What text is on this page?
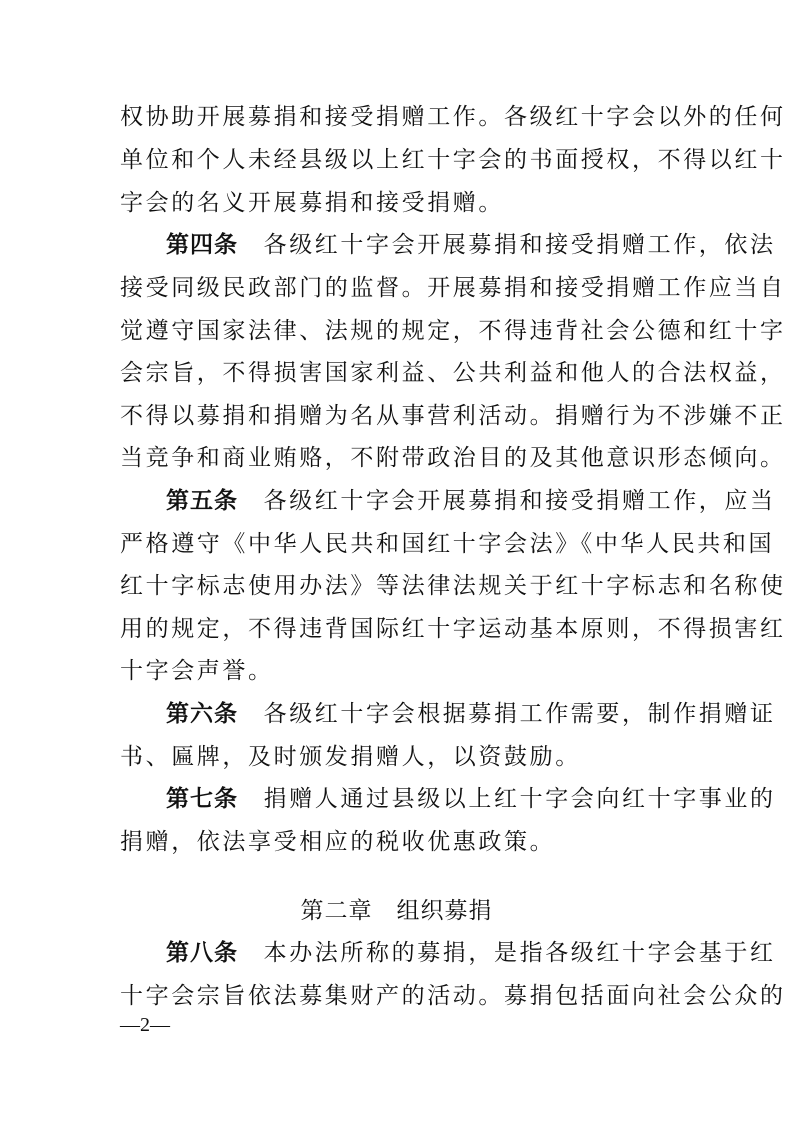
权协助开展募捐和接受捐赠工作。各级红十字会以外的任何
单位和个人未经县级以上红十字会的书面授权，不得以红十
字会的名义开展募捐和接受捐赠。
第四条　 各级红十字会开展募捐和接受捐赠工作，依法
接受同级民政部门的监督。开展募捐和接受捐赠工作应当自
觉遵守国家法律、法规的规定，不得违背社会公德和红十字
会宗旨，不得损害国家利益、公共利益和他人的合法权益，
不得以募捐和捐赠为名从事营利活动。捐赠行为不涉嫌不正
当竞争和商业贿赂，不附带政治目的及其他意识形态倾向。
第五条　 各级红十字会开展募捐和接受捐赠工作，应当
严格遵守《中华人民共和国红十字会法》《中华人民共和国
红十字标志使用办法》等法律法规关于红十字标志和名称使
用的规定，不得违背国际红十字运动基本原则，不得损害红
十字会声誉。
第六条　 各级红十字会根据募捐工作需要，制作捐赠证
书、匾牌，及时颁发捐赠人，以资鼓励。
第七条　 捐赠人通过县级以上红十字会向红十字事业的
捐赠，依法享受相应的税收优惠政策。
第二章　组织募捐
第八条　 本办法所称的募捐，是指各级红十字会基于红
十字会宗旨依法募集财产的活动。募捐包括面向社会公众的
—2—
